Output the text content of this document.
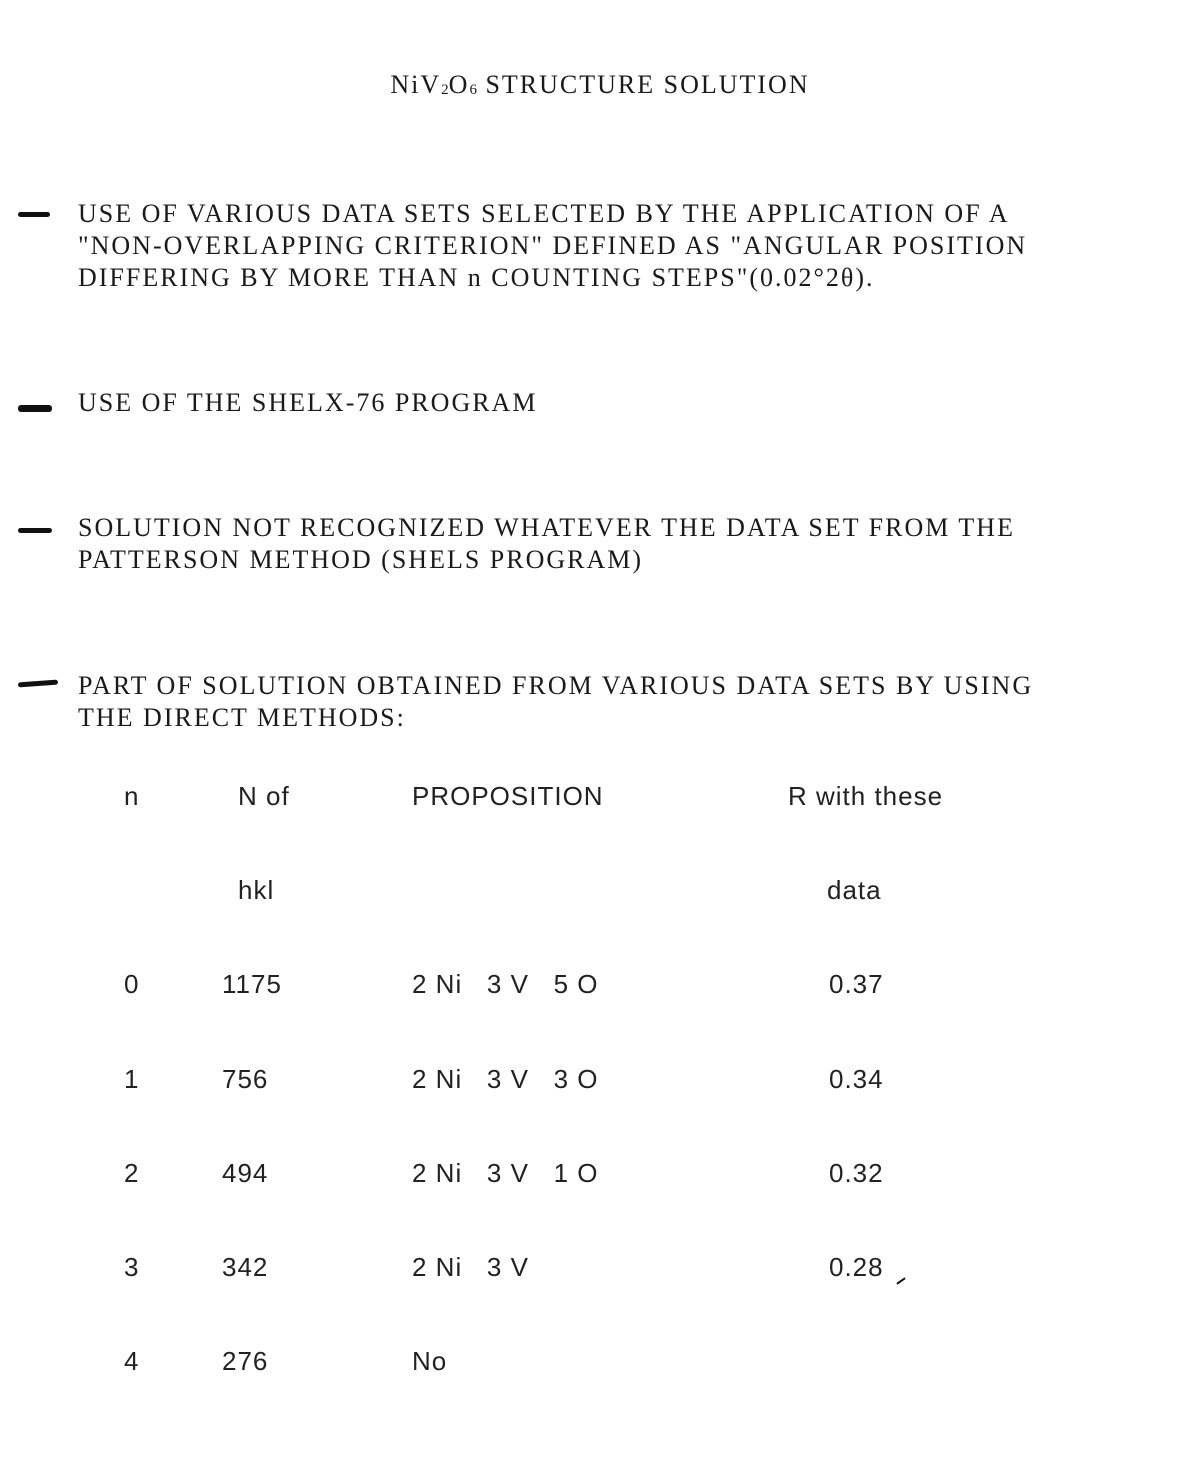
$NiV_2O_6$ STRUCTURE SOLUTION
USE OF VARIOUS DATA SETS SELECTED BY THE APPLICATION OF A
"NON-OVERLAPPING CRITERION" DEFINED AS "ANGULAR POSITION
DIFFERING BY MORE THAN n COUNTING STEPS"(0.02°2θ).
USE OF THE SHELX-76 PROGRAM
SOLUTION NOT RECOGNIZED WHATEVER THE DATA SET FROM THE
PATTERSON METHOD (SHELS PROGRAM)
PART OF SOLUTION OBTAINED FROM VARIOUS DATA SETS BY USING
THE DIRECT METHODS:
n	N of	PROPOSITION	R with these
hkl	data
0	1175	2 Ni   3 V   5 O	0.37
1	756	2 Ni   3 V   3 O	0.34
2	494	2 Ni   3 V   1 O	0.32
3	342	2 Ni   3 V	0.28
4	276	No
